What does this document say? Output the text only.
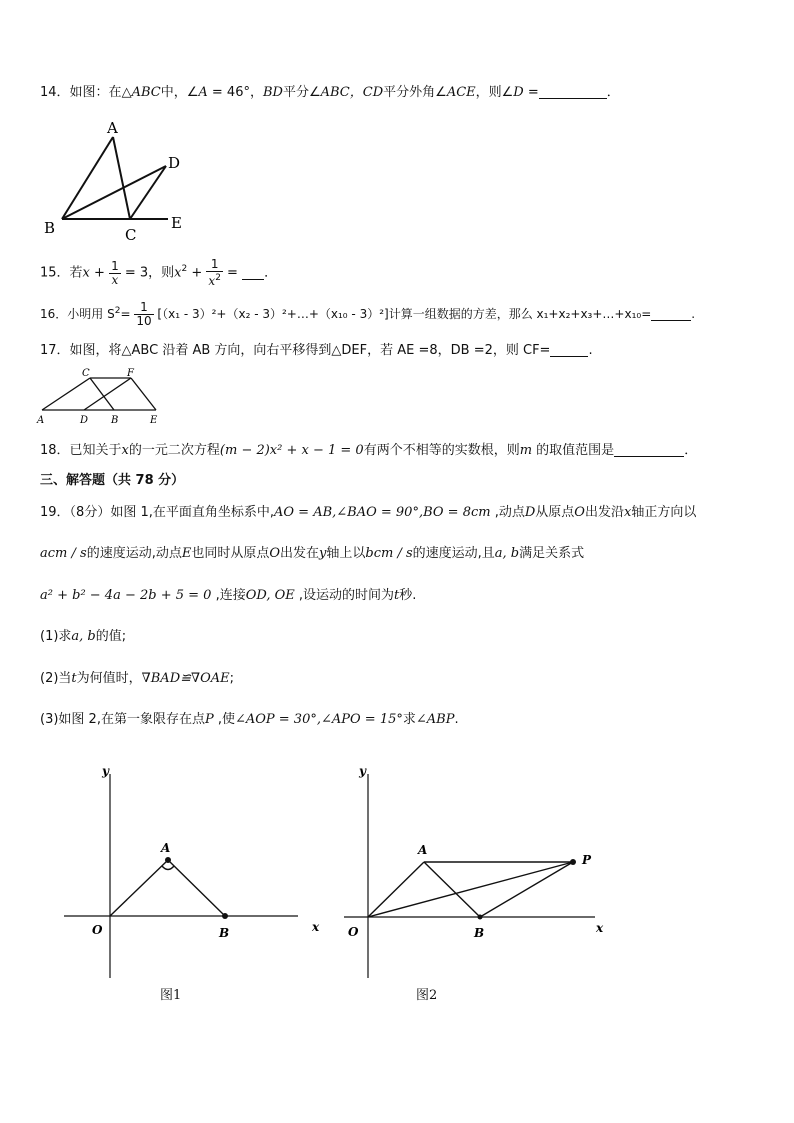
14．如图：在△ABC中，∠A = 46°，BD平分∠ABC，CD平分外角∠ACE，则∠D =	．
A
D
B	C
E
15．若$x + \frac{1}{x} = 3$，则$x^2 + \frac{1}{x^2}$ = ．
16．小明用 $S^2= \frac{1}{10} [(x_1 - 3)^2+(x_2$ - 3）²+…+（x₁₀ - 3）²]计算一组数据的方差，那么 x₁+x₂+x₃+…+x₁₀=	.
17．如图，将△ABC 沿着 AB 方向，向右平移得到△DEF，若 AE =8，DB =2，则 CF=	.
C	F
A	D B	E
18．已知关于x的一元二次方程(m − 2)x² + x − 1 = 0有两个不相等的实数根，则m 的取值范围是	．
三、解答题（共 78 分）
19．（8分）如图 1,在平面直角坐标系中,AO = AB,∠BAO = 90°,BO = 8cm ,动点D从原点O出发沿x轴正方向以
acm / s的速度运动,动点E也同时从原点O出发在y轴上以bcm / s的速度运动,且a, b满足关系式
a² + b² − 4a − 2b + 5 = 0 ,连接OD, OE ,设运动的时间为t秒.
(1)求a, b的值;
(2)当t为何值时，∇BAD≌∇OAE;
(3)如图 2,在第一象限存在点P ,使∠AOP = 30°,∠APO = 15°求∠ABP.
y
x
O
A
B
图1
y
x
O
A
B
P
图2
